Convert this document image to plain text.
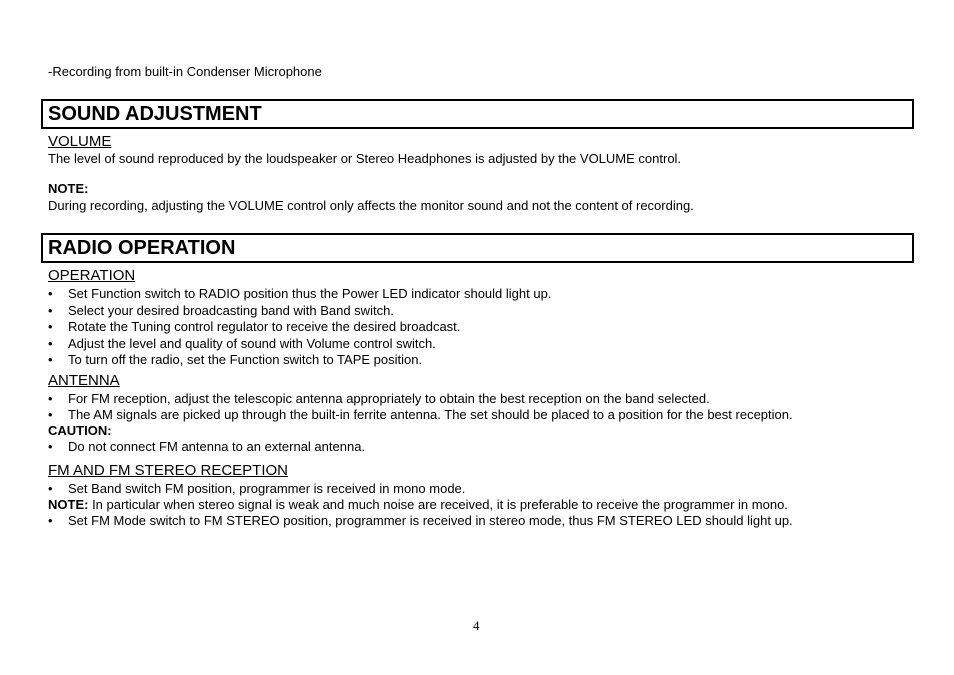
-Recording from built-in Condenser Microphone
SOUND ADJUSTMENT
VOLUME
The level of sound reproduced by the loudspeaker or Stereo Headphones is adjusted by the VOLUME control.
NOTE:
During recording, adjusting the VOLUME control only affects the monitor sound and not the content of recording.
RADIO OPERATION
OPERATION
• Set Function switch to RADIO position thus the Power LED indicator should light up.
• Select your desired broadcasting band with Band switch.
• Rotate the Tuning control regulator to receive the desired broadcast.
• Adjust the level and quality of sound with Volume control switch.
• To turn off the radio, set the Function switch to TAPE position.
ANTENNA
• For FM reception, adjust the telescopic antenna appropriately to obtain the best reception on the band selected.
• The AM signals are picked up through the built-in ferrite antenna. The set should be placed to a position for the best reception.
CAUTION:
• Do not connect FM antenna to an external antenna.
FM AND FM STEREO RECEPTION
• Set Band switch FM position, programmer is received in mono mode.
NOTE: In particular when stereo signal is weak and much noise are received, it is preferable to receive the programmer in mono.
• Set FM Mode switch to FM STEREO position, programmer is received in stereo mode, thus FM STEREO LED should light up.
4
